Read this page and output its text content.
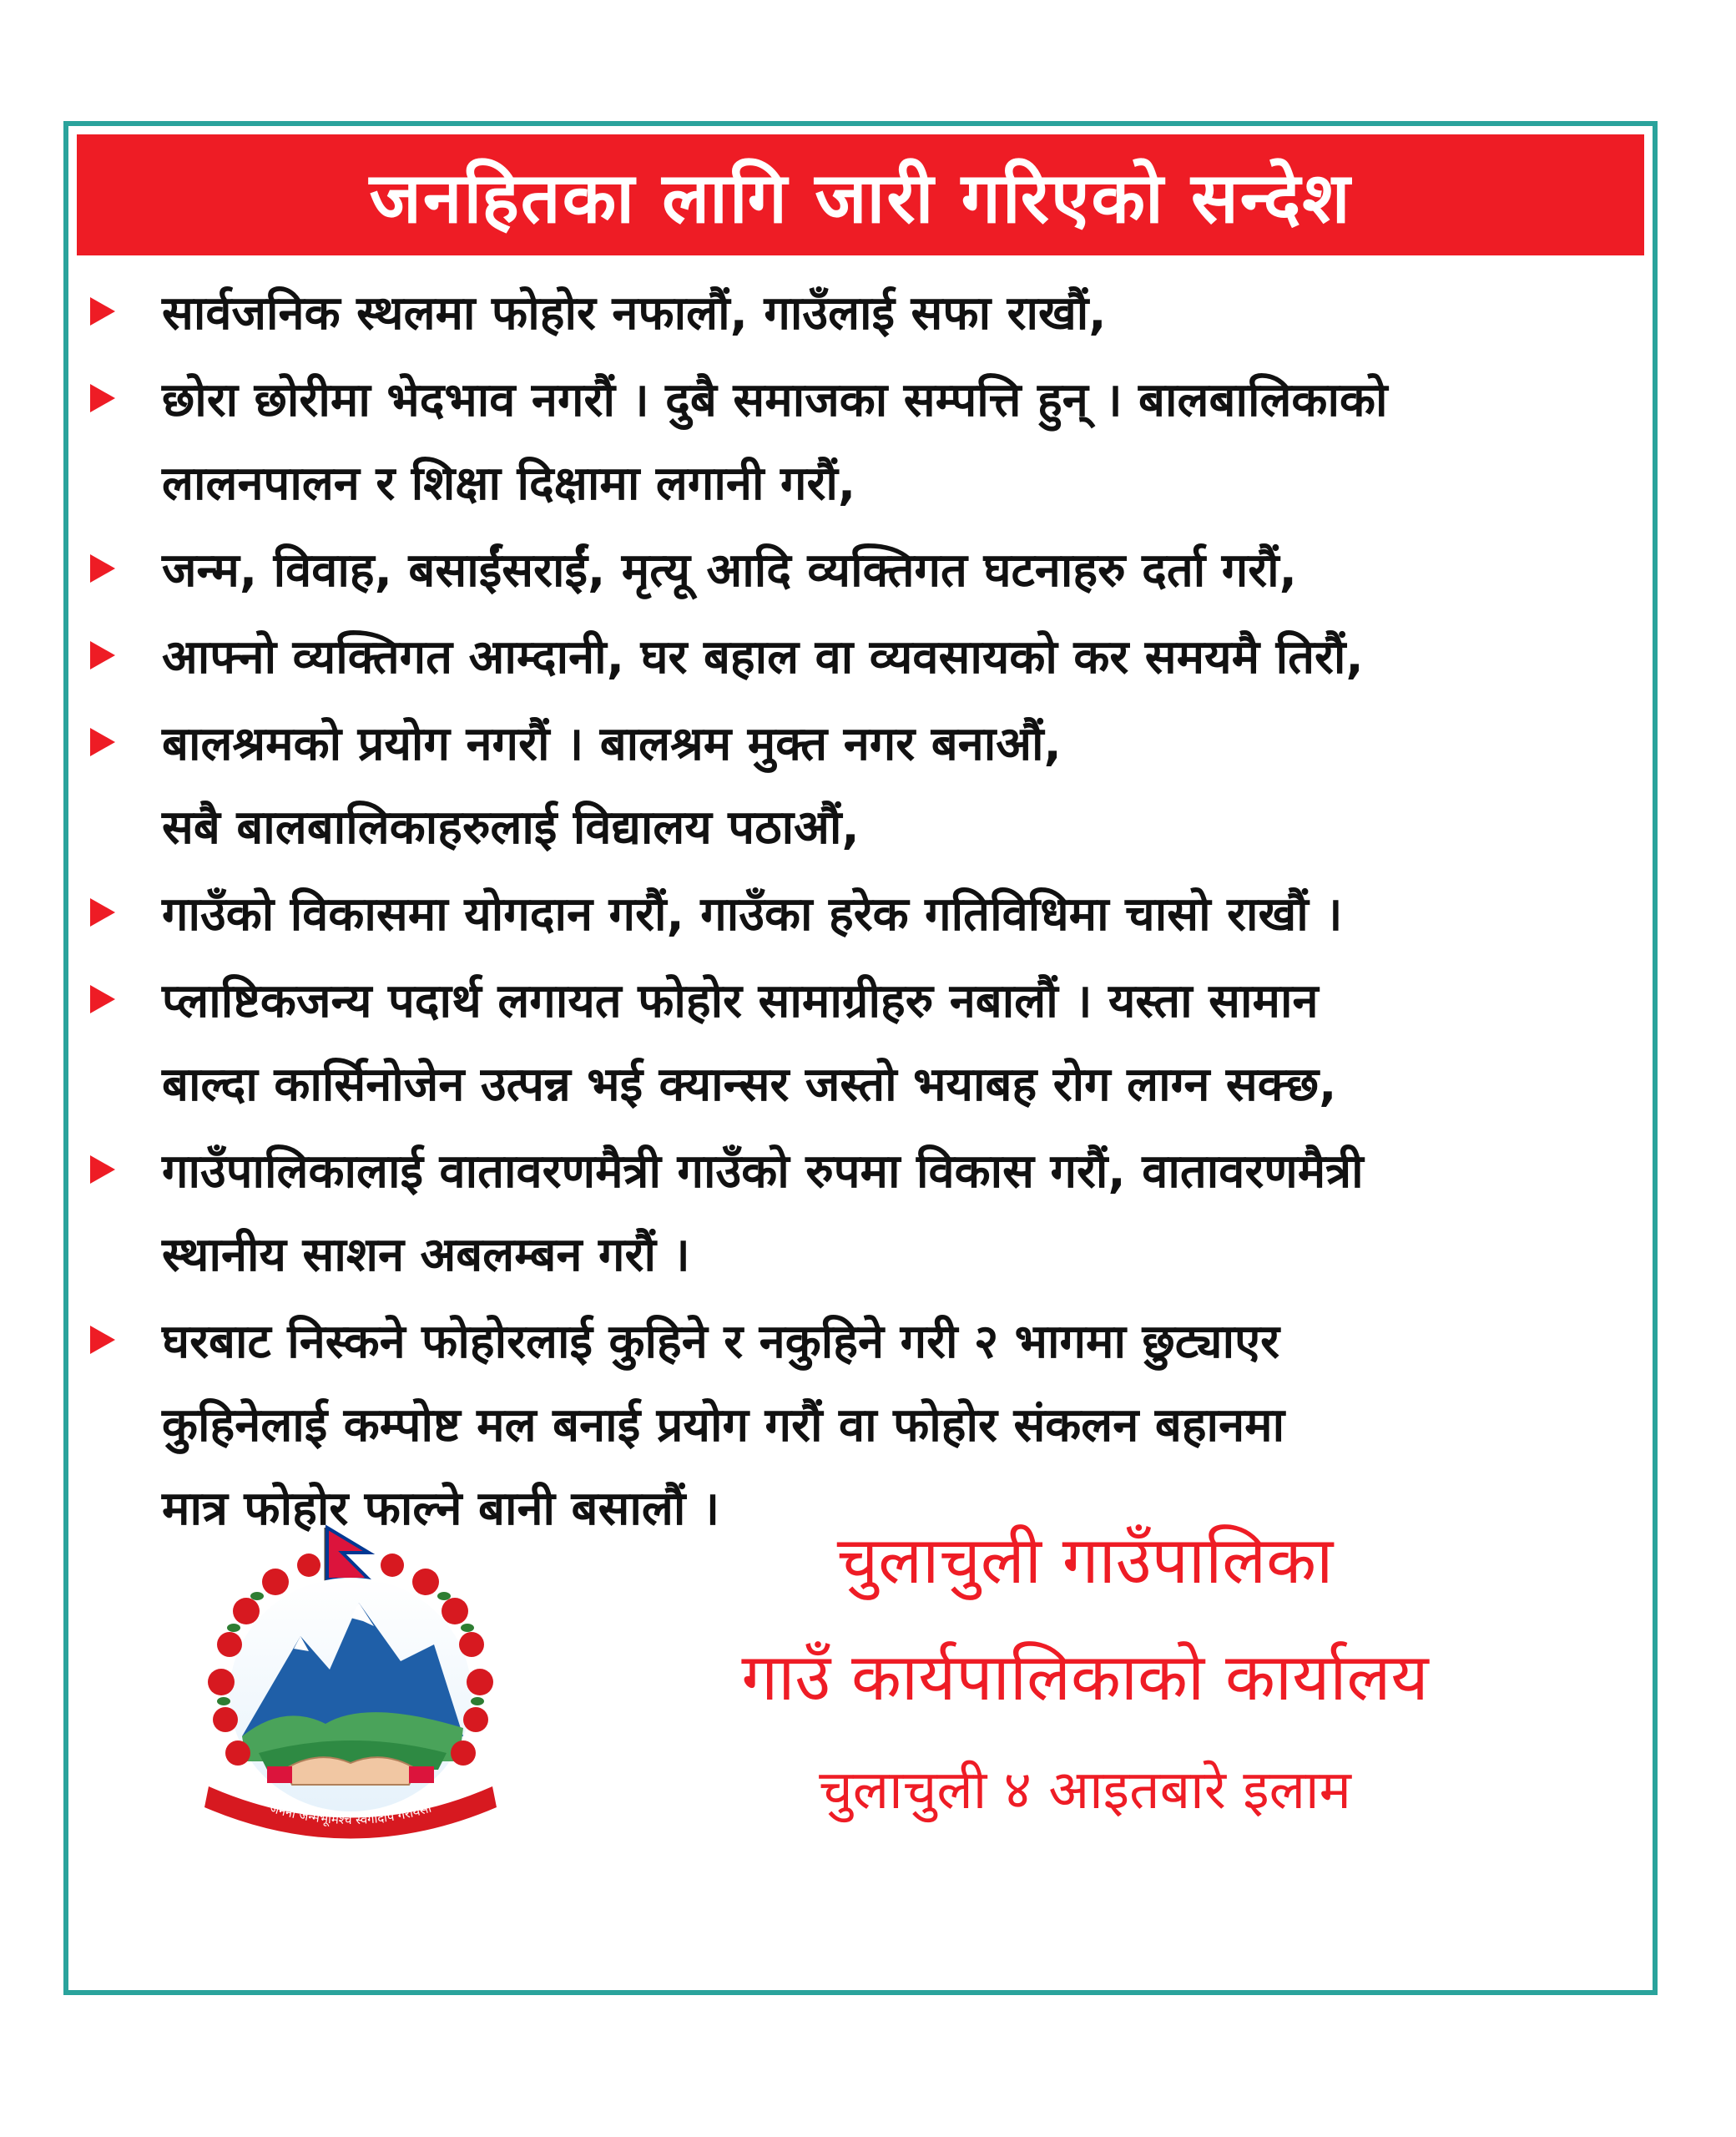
जनहितका लागि जारी गरिएको सन्देश
सार्वजनिक स्थलमा फोहोर नफालौं, गाउँलाई सफा राखौं,
छोरा छोरीमा भेदभाव नगरौं । दुबै समाजका सम्पत्ति हुन् । बालबालिकाको
लालनपालन र शिक्षा दिक्षामा लगानी गरौं,
जन्म, विवाह, बसाईंसराईं, मृत्यू आदि व्यक्तिगत घटनाहरु दर्ता गरौं,
आफ्नो व्यक्तिगत आम्दानी, घर बहाल वा व्यवसायको कर समयमै तिरौं,
बालश्रमको प्रयोग नगरौं । बालश्रम मुक्त नगर बनाऔं,
सबै बालबालिकाहरुलाई विद्यालय पठाऔं,
गाउँको विकासमा योगदान गरौं, गाउँका हरेक गतिविधिमा चासो राखौं ।
प्लाष्टिकजन्य पदार्थ लगायत फोहोर सामाग्रीहरु नबालौं । यस्ता सामान
बाल्दा कार्सिनोजेन उत्पन्न भई क्यान्सर जस्तो भयाबह रोग लाग्न सक्छ,
गाउँपालिकालाई वातावरणमैत्री गाउँको रुपमा विकास गरौं, वातावरणमैत्री
स्थानीय साशन अबलम्बन गरौं ।
घरबाट निस्कने फोहोरलाई कुहिने र नकुहिने गरी २ भागमा छुट्याएर
कुहिनेलाई कम्पोष्ट मल बनाई प्रयोग गरौं वा फोहोर संकलन बहानमा
मात्र फोहोर फाल्ने बानी बसालौं ।
जननी जन्मभूमिश्च स्वर्गादपि गरीयसी
चुलाचुली गाउँपालिका
गाउँ कार्यपालिकाको कार्यालय
चुलाचुली ४ आइतबारे इलाम
